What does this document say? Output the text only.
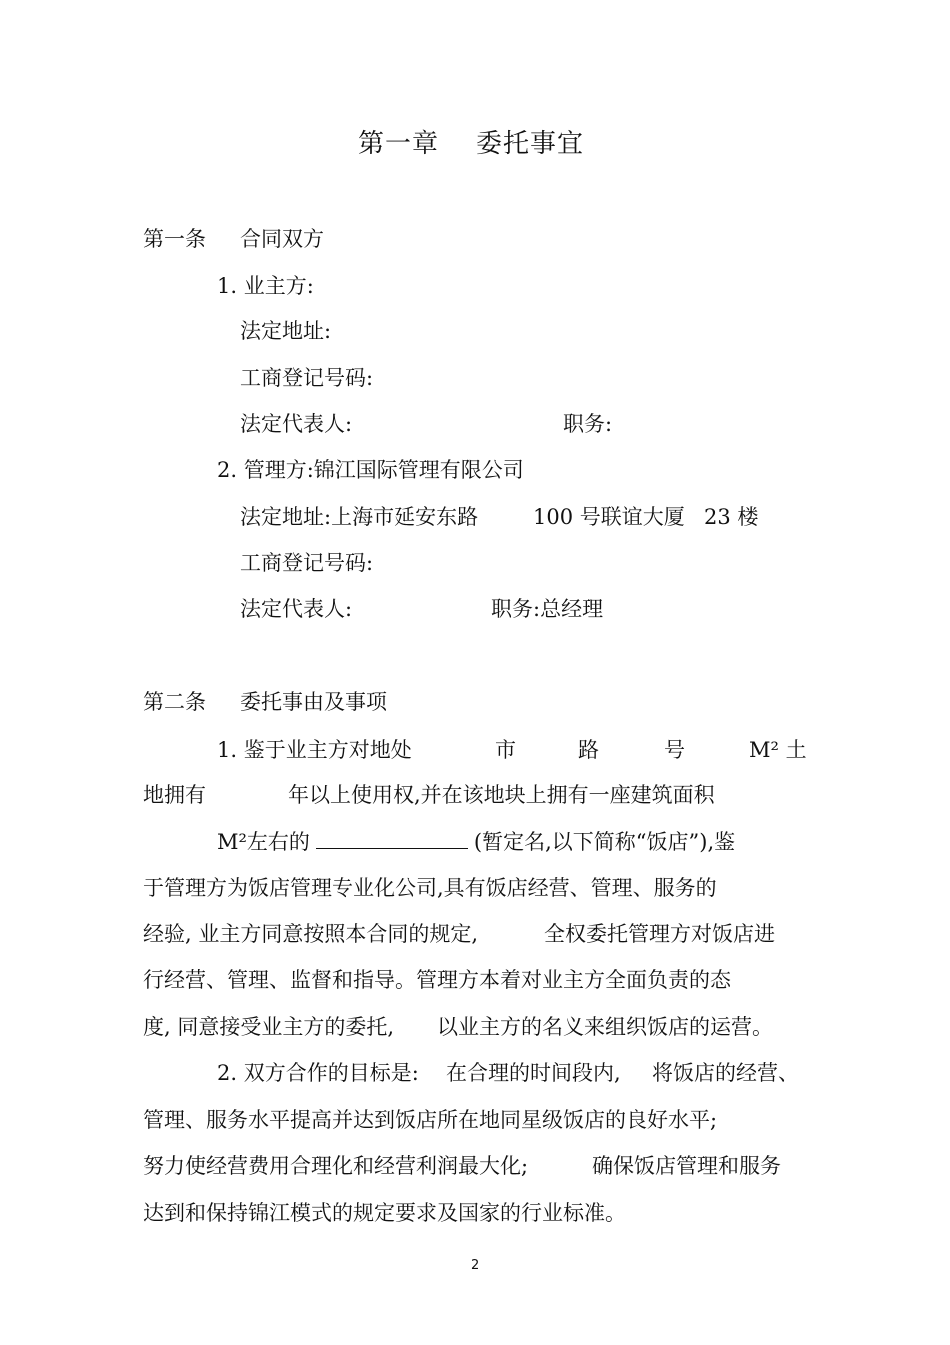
第一章 委托事宜
第一条 合同双方
1. 业主方:
法定地址:
工商登记号码:
法定代表人:	职务:
2. 管理方:锦江国际管理有限公司
法定地址:上海市延安东路	100 号联谊大厦 23 楼
工商登记号码:
法定代表人:	职务:总经理
第二条 委托事由及事项
1. 鉴于业主方对地处	市	路	号	M² 土
地拥有	年以上使用权,并在该地块上拥有一座建筑面积
M²左右的	(暂定名,以下简称“饭店”),鉴
于管理方为饭店管理专业化公司,具有饭店经营、管理、服务的
经验, 业主方同意按照本合同的规定,	全权委托管理方对饭店进
行经营、管理、监督和指导。管理方本着对业主方全面负责的态
度, 同意接受业主方的委托, 以业主方的名义来组织饭店的运营。
2. 双方合作的目标是: 在合理的时间段内, 将饭店的经营、
管理、服务水平提高并达到饭店所在地同星级饭店的良好水平;
努力使经营费用合理化和经营利润最大化;	确保饭店管理和服务
达到和保持锦江模式的规定要求及国家的行业标准。
2
